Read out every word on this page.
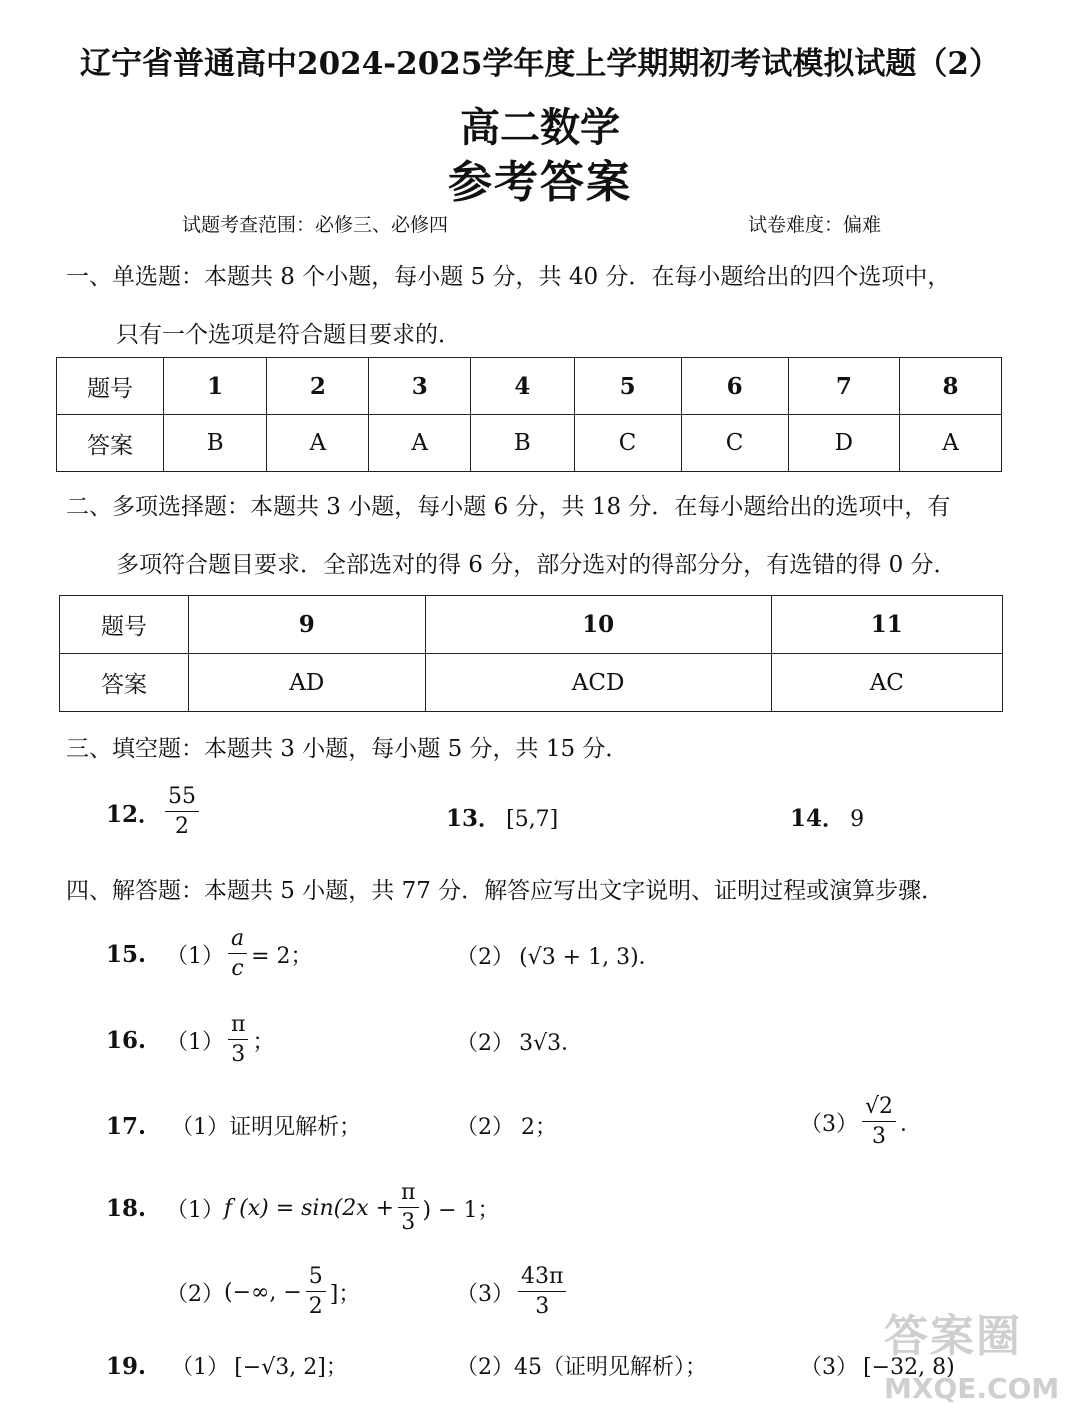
辽宁省普通高中2024-2025学年度上学期期初考试模拟试题（2）
高二数学
参考答案
试题考查范围：必修三、必修四	试卷难度：偏难
一、单选题：本题共 8 个小题，每小题 5 分，共 40 分．在每小题给出的四个选项中，
只有一个选项是符合题目要求的．
题号	1	2	3	4	5	6	7	8
答案	B	A	A	B	C	C	D	A
二、多项选择题：本题共 3 小题，每小题 6 分，共 18 分．在每小题给出的选项中，有
多项符合题目要求．全部选对的得 6 分，部分选对的得部分分，有选错的得 0 分．
题号	9	10	11
答案	AD	ACD	AC
三、填空题：本题共 3 小题，每小题 5 分，共 15 分．
12． $\frac{55}{2}$	13． [5,7]	14． 9
四、解答题：本题共 5 小题，共 77 分．解答应写出文字说明、证明过程或演算步骤．
15. $(1) \frac{a}{c} = 2$；	（2） (√3 + 1, 3)．
16. $(1) \frac{\pi}{3}$ ；	（2） 3√3．
17. （1）证明见解析；	（2） 2；	$(3) \frac{√2}{3}$ ．
18. （1） f $(x) = \sin(2x + \frac{\pi}{3}$ ) − 1；
（2） (−∞, − $\frac{5}{2}$ ]；	$(3) \frac{43\pi}{3}$
19. （1） [−√3, 2]；	（2）45（证明见解析）；	（3） [−32, 8)
答案圈
MXQE.COM
